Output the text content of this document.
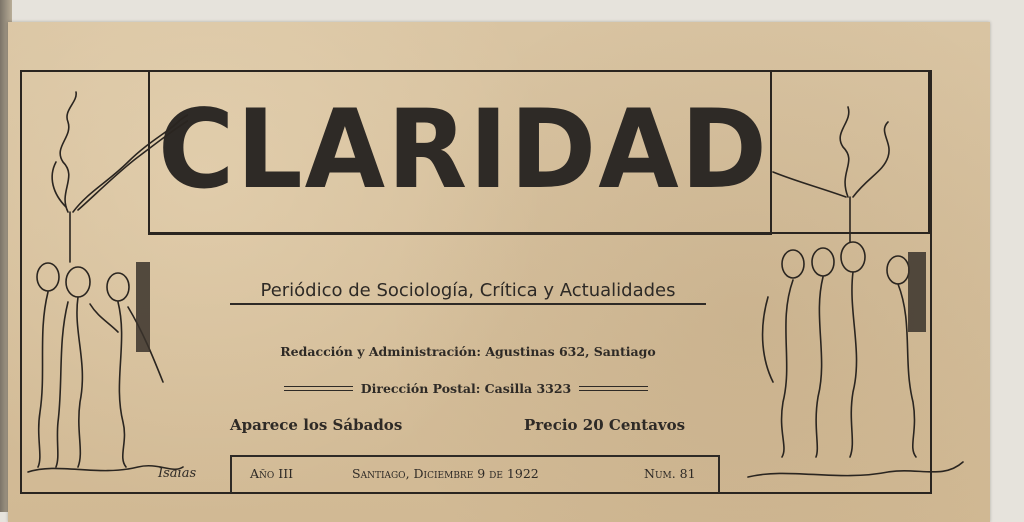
CLARIDAD
Periódico de Sociología, Crítica y Actualidades
Redacción y Administración: Agustinas 632, Santiago
Dirección Postal: Casilla 3323
Aparece los Sábados	Precio 20 Centavos
Año III	Santiago, Diciembre 9 de 1922	Num. 81
Isaias
